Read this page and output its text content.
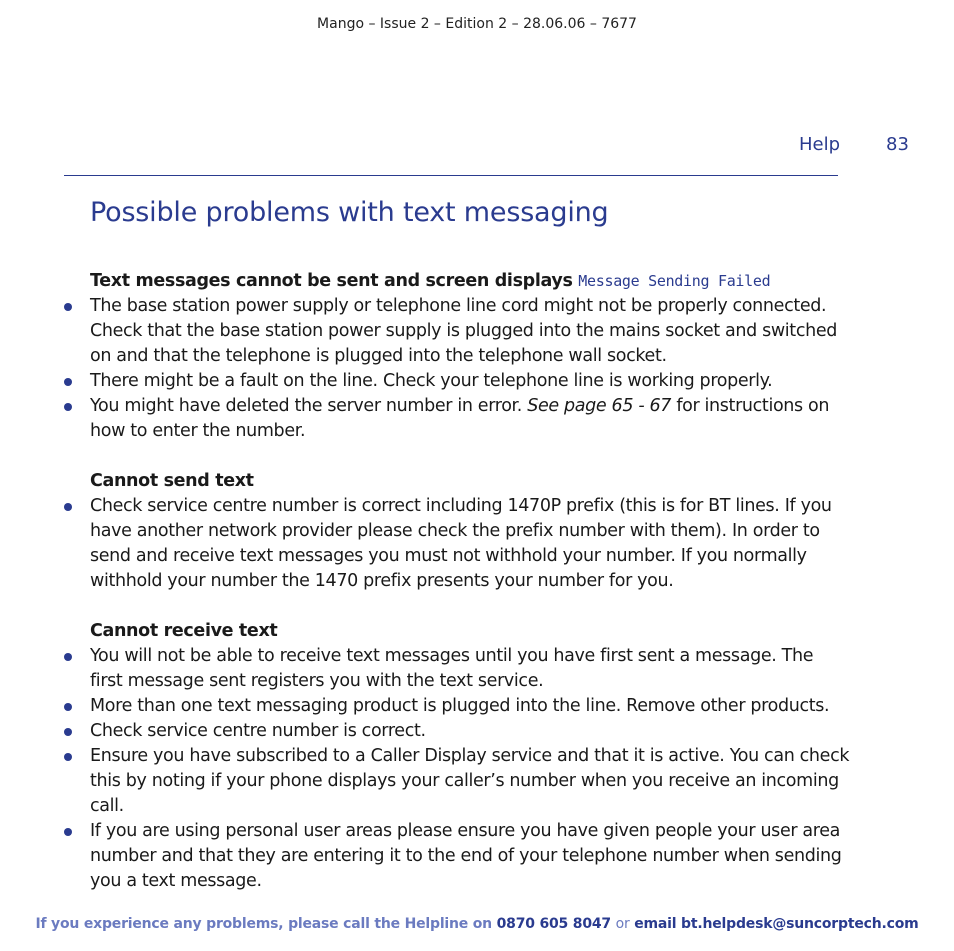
Mango – Issue 2 – Edition 2 – 28.06.06 – 7677
Help	83
Possible problems with text messaging
Text messages cannot be sent and screen displays Message Sending Failed
The base station power supply or telephone line cord might not be properly connected. Check that the base station power supply is plugged into the mains socket and switched on and that the telephone is plugged into the telephone wall socket.
There might be a fault on the line. Check your telephone line is working properly.
You might have deleted the server number in error. See page 65 - 67 for instructions on how to enter the number.
Cannot send text
Check service centre number is correct including 1470P prefix (this is for BT lines. If you have another network provider please check the prefix number with them). In order to send and receive text messages you must not withhold your number. If you normally withhold your number the 1470 prefix presents your number for you.
Cannot receive text
You will not be able to receive text messages until you have first sent a message. The first message sent registers you with the text service.
More than one text messaging product is plugged into the line. Remove other products.
Check service centre number is correct.
Ensure you have subscribed to a Caller Display service and that it is active. You can check this by noting if your phone displays your caller’s number when you receive an incoming call.
If you are using personal user areas please ensure you have given people your user area number and that they are entering it to the end of your telephone number when sending you a text message.
If you experience any problems, please call the Helpline on 0870 605 8047 or email bt.helpdesk@suncorptech.com
